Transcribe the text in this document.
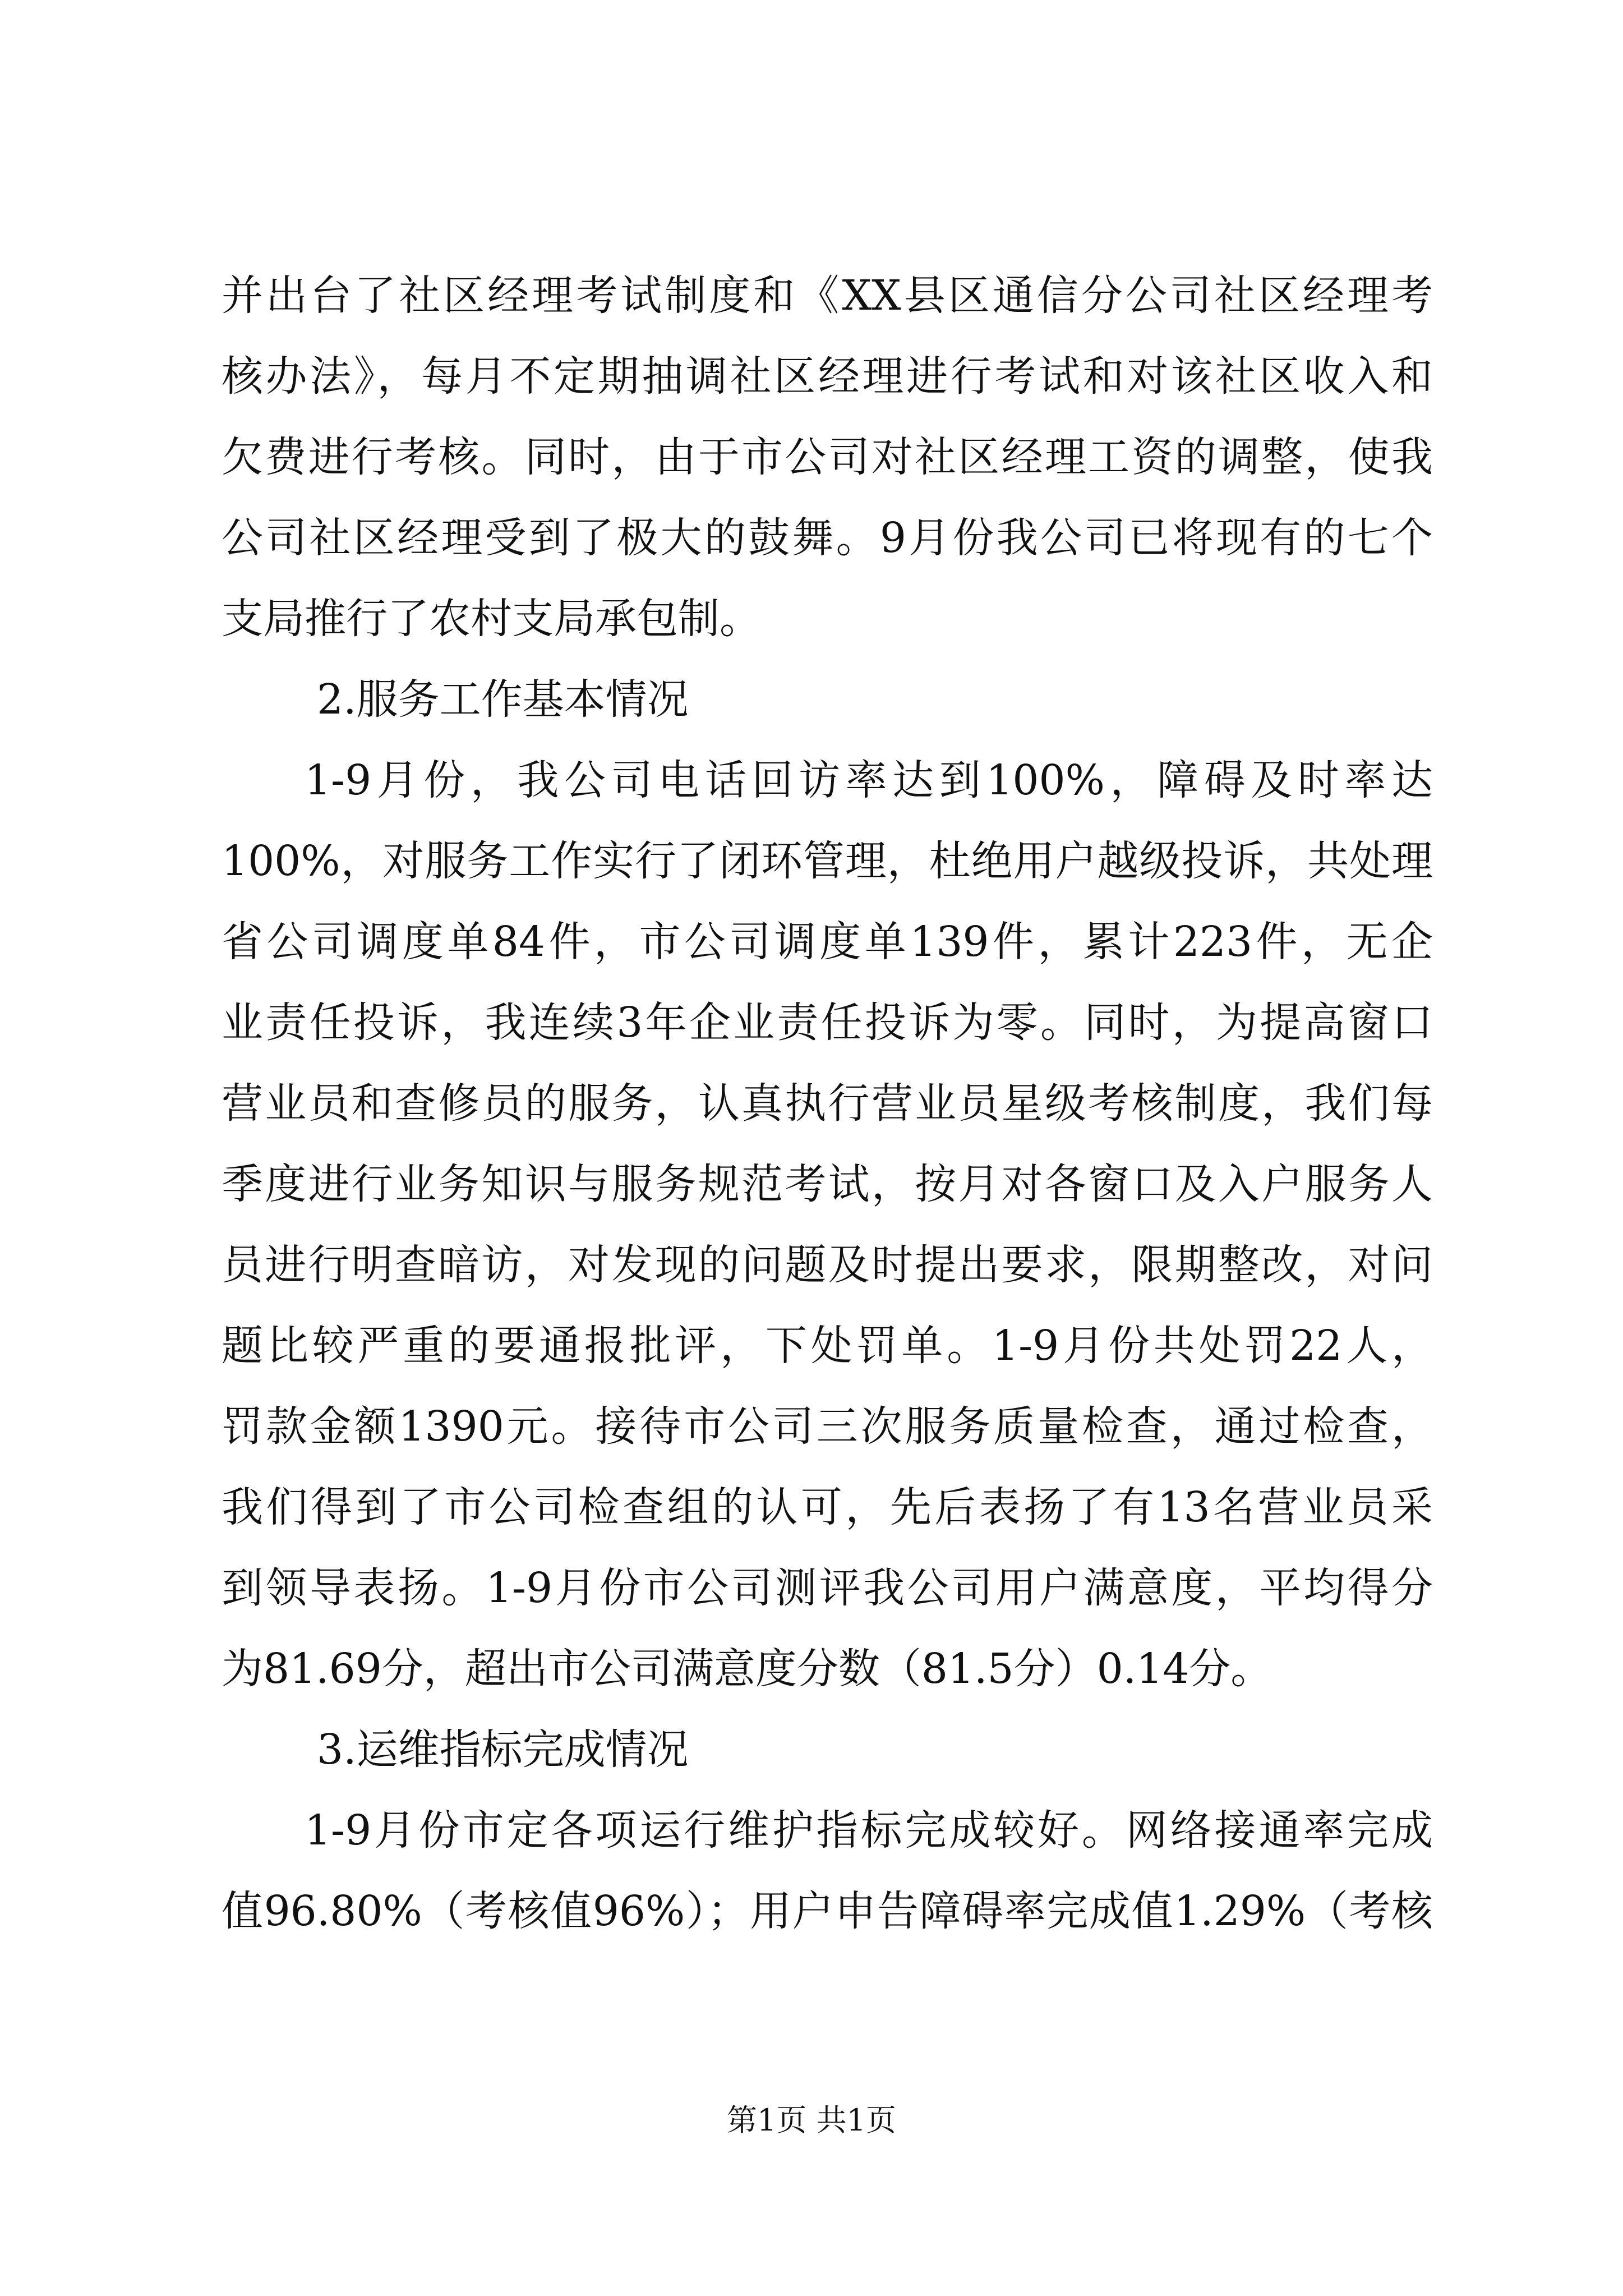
并出台了社区经理考试制度和《XX县区通信分公司社区经理考
核办法》，每月不定期抽调社区经理进行考试和对该社区收入和
欠费进行考核。同时，由于市公司对社区经理工资的调整，使我
公司社区经理受到了极大的鼓舞。9月份我公司已将现有的七个
支局推行了农村支局承包制。
2.服务工作基本情况
1-9月份，我公司电话回访率达到100%，障碍及时率达
100%，对服务工作实行了闭环管理，杜绝用户越级投诉，共处理
省公司调度单84件，市公司调度单139件，累计223件，无企
业责任投诉，我连续3年企业责任投诉为零。同时，为提高窗口
营业员和查修员的服务，认真执行营业员星级考核制度，我们每
季度进行业务知识与服务规范考试，按月对各窗口及入户服务人
员进行明查暗访，对发现的问题及时提出要求，限期整改，对问
题比较严重的要通报批评，下处罚单。1-9月份共处罚22人，
罚款金额1390元。接待市公司三次服务质量检查，通过检查，
我们得到了市公司检查组的认可，先后表扬了有13名营业员采
到领导表扬。1-9月份市公司测评我公司用户满意度，平均得分
为81.69分，超出市公司满意度分数（81.5分）0.14分。
3.运维指标完成情况
1-9月份市定各项运行维护指标完成较好。网络接通率完成
值96.80%（考核值96%）；用户申告障碍率完成值1.29%（考核
第1页 共1页
